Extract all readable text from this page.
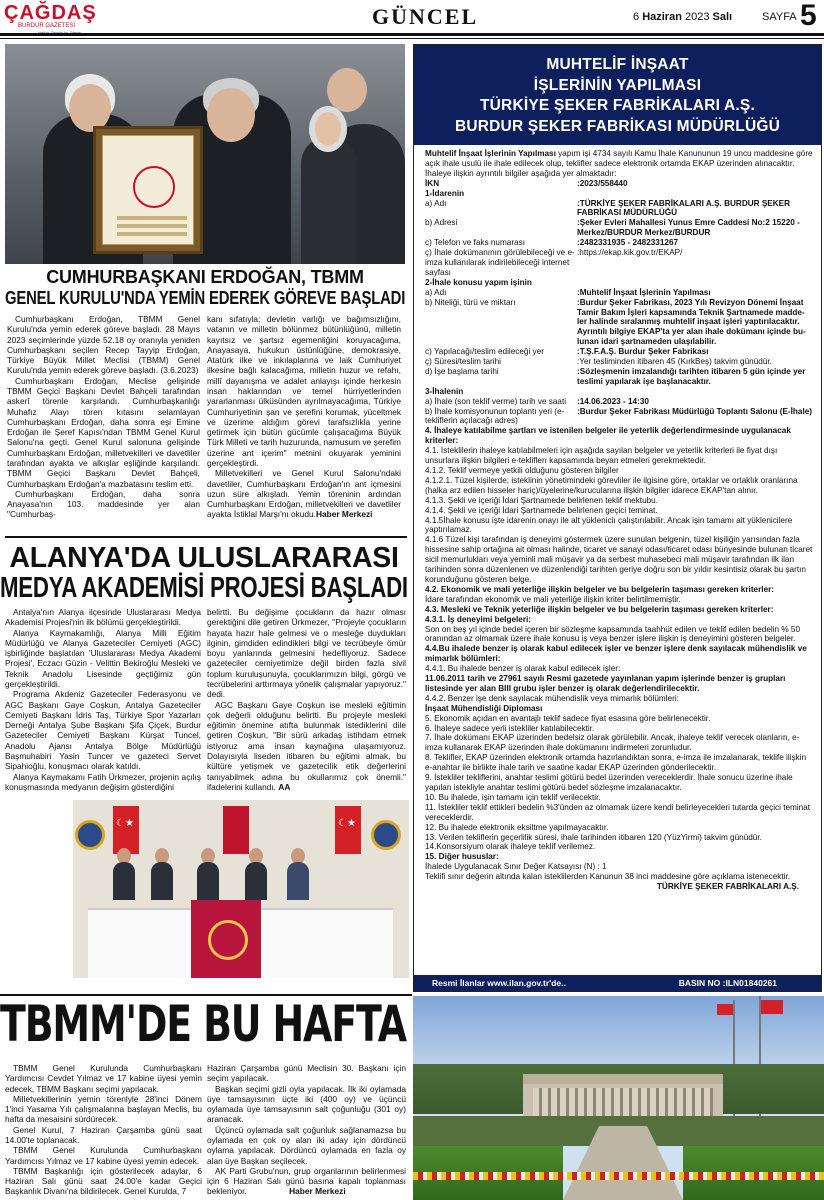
ÇAĞDAŞ
BURDUR GAZETESİ	GÜNCEL	6 Haziran 2023 Salı	SAYFA 5
CUMHURBAŞKANI ERDOĞAN, TBMM
GENEL KURULU'NDA YEMİN EDEREK GÖREVE BAŞLADI

Cumhurbaşkanı Erdoğan, TBMM Genel Kurulu'nda yemin ederek göreve başladı. 28 Mayıs 2023 seçimlerinde yüzde 52.18 oy oranıyla yeniden Cumhurbaşkanı seçilen Recep Tayyip Erdoğan, Türkiye Büyük Millet Meclisi (TBMM) Genel Kurulu'nda yemin ederek göreve başladı. (3.6.2023)

Cumhurbaşkanı Erdoğan, Meclise gelişinde TBMM Geçici Başkanı Devlet Bahçeli tarafından askerî törenle karşılandı. Cumhurbaşkanlığı Muhafız Alayı tören kıtasını selamlayan Cumhurbaşkanı Erdoğan, daha sonra eşi Emine Erdoğan ile Şeref Kapısı'ndan TBMM Genel Kurul Salonu'na geçti. Genel Kurul salonuna gelişinde Cumhurbaşkanı Erdoğan, milletvekilleri ve davetliler tarafından ayakta ve alkışlar eşliğinde karşılandı. TBMM Geçici Başkanı Devlet Bahçeli, Cumhurbaşkanı Erdoğan'a mazbatasını teslim etti.

Cumhurbaşkanı Erdoğan, daha sonra Anayasa'nın 103. maddesinde yer alan "Cumhurbaş-

kanı sıfatıyla; devletin varlığı ve bağımsızlığını, vatanın ve milletin bölünmez bütünlüğünü, milletin kayıtsız ve şartsız egemenliğini koruyacağıma, Anayasaya, hukukun üstünlüğüne, demokrasiye, Atatürk ilke ve inkılaplarına ve laik Cumhuriyet ilkesine bağlı kalacağıma, milletin huzur ve refahı, millî dayanışma ve adalet anlayışı içinde herkesin insan haklarından ve temel hürriyetlerinden yararlanması ülküsünden ayrılmayacağıma, Türkiye Cumhuriyetinin şan ve şerefini korumak, yüceltmek ve üzerime aldığım görevi tarafsızlıkla yerine getirmek için bütün gücümle çalışacağıma Büyük Türk Milleti ve tarih huzurunda, namusum ve şerefim üzerine ant içerim" metnini okuyarak yeminini gerçekleştirdi.

Milletvekilleri ve Genel Kurul Salonu'ndaki davetliler, Cumhurbaşkanı Erdoğan'ın ant içmesini uzun süre alkışladı. Yemin töreninin ardından Cumhurbaşkanı Erdoğan, milletvekilleri ve davetliler ayakta İstiklal Marşı'nı okudu.Haber Merkezi

ALANYA'DA ULUSLARARASI
MEDYA AKADEMİSİ PROJESİ BAŞLADI

Antalya'nın Alanya ilçesinde Uluslararası Medya Akademisi Projesi'nin ilk bölümü gerçekleştirildi.

Alanya Kaymakamlığı, Alanya Milli Eğitim Müdürlüğü ve Alanya Gazeteciler Cemiyeti (AGC) işbirliğinde başlatılan 'Uluslararası Medya Akademi Projesi', Eczacı Güzin - Velittin Bekiroğlu Mesleki ve Teknik Anadolu Lisesinde geçtiğimiz gün gerçekleştirildi.

Programa Akdeniz Gazeteciler Federasyonu ve AGC Başkanı Gaye Coşkun, Antalya Gazeteciler Cemiyeti Başkanı İdris Taş, Türkiye Spor Yazarları Derneği Antalya Şube Başkanı Şifa Çiçek, Burdur Gazeteciler Cemiyeti Başkanı Kürşat Tuncel, Anadolu Ajansı Antalya Bölge Müdürlüğü Başmuhabiri Yasin Tuncer ve gazeteci Servet Sipahioğlu, konuşmacı olarak katıldı.

Alanya Kaymakamı Fatih Ürkmezer, projenin açılış konuşmasında medyanın değişim gösterdiğini

belirtti. Bu değişime çocukların da hazır olması gerektiğini dile getiren Ürkmezer, "Projeyle çocukların hayata hazır hale gelmesi ve o mesleğe duydukları ilginin, gimdiden edindikleri bilgi ve tecrübeyle ömür boyu yanlarında gelmesini hedefliyoruz. Sadece gazeteciler cemiyetimize değil birden fazla sivil toplum kuruluşunuyla, çocuklarımızın bilgi, görgü ve tecrübelerini arttırmaya yönelik çalışmalar yapıyoruz." dedi.

AGC Başkanı Gaye Coşkun ise mesleki eğitimin çok değerli olduğunu belirtti. Bu projeyle mesleki eğitimin önemine atıfta bulunmak istediklerini dile getiren Coşkun, "Bir sürü arkadaş istihdam etmek istiyoruz ama insan kaynağına ulaşamıyoruz. Dolayısıyla liseden itibaren bu eğitimi almak, bu kültüre yetişmek ve gazetecilik etik değerlerini tanıyabilmek adına bu okullarımız çok önemli." ifadelerini kullandı. AA

☾★
☾★
MUHTELİF İNŞAAT
İŞLERİNİN YAPILMASI
TÜRKİYE ŞEKER FABRİKALARI A.Ş.
BURDUR ŞEKER FABRİKASI MÜDÜRLÜĞÜ
Muhtelif İnşaat İşlerinin Yapılması yapım işi 4734 sayılı Kamu İhale Kanununun 19 uncu maddesine göre açık ihale usulü ile ihale edilecek olup, teklifler sadece elektronik ortamda EKAP üzerinden alınacaktır. İhaleye ilişkin ayrıntılı bilgiler aşağıda yer almaktadır:
İKN	:2023/558440
1-İdarenin
a) Adı	:TÜRKİYE ŞEKER FABRİKALARI A.Ş. BURDUR ŞEKER FABRİKASI MÜDÜRLÜĞÜ
b) Adresi	:Şeker Evleri Mahallesi Yunus Emre Caddesi No:2 15220 - Merkez/BURDUR Merkez/BURDUR
c) Telefon ve faks numarası	:2482331935 - 2482331267
ç) İhale dokümanının görülebileceği ve e-imza kullanılarak indirilebileceği internet sayfası
:https://ekap.kik.gov.tr/EKAP/
2-İhale konusu yapım işinin
a) Adı	:Muhtelif İnşaat İşlerinin Yapılması
b) Niteliği, türü ve miktarı	:Burdur Şeker Fabrikası, 2023 Yılı Revizyon Dönemi İnşaat Tamir Bakım İşleri kapsamında Teknik Şartnamede madde-ler halinde sıralanmış muhtelif inşaat işleri yaptırılacaktır. Ayrıntılı bilgiye EKAP'ta yer alan ihale dokümanı içinde bu-lunan idari şartnameden ulaşılabilir.
c) Yapılacağı/teslim edileceği yer	:T.Ş.F.A.Ş. Burdur Şeker Fabrikası
ç) Süresi/teslim tarihi	:Yer tesliminden itibaren 45 (KırkBeş) takvim günüdür.
d) İşe başlama tarihi	:Sözleşmenin imzalandığı tarihten itibaren 5 gün içinde yer teslimi yapılarak işe başlanacaktır.
3-İhalenin
a) İhale (son teklif verme) tarih ve saati	:14.06.2023 - 14:30
b) İhale komisyonunun toplantı yeri (e-tekliflerin açılacağı adres)
:Burdur Şeker Fabrikası Müdürlüğü Toplantı Salonu (E-İhale)
4. İhaleye katılabilme şartları ve istenilen belgeler ile yeterlik değerlendirmesinde uygulanacak kriterler:
4.1. İsteklilerin ihaleye katılabilmeleri için aşağıda sayılan belgeler ve yeterlik kriterleri ile fiyat dışı unsurlara ilişkin bilgileri e-tekliflerı kapsamında beyan etmeleri gerekmektedir.
4.1.2. Teklif vermeye yetkili olduğunu gösteren bilgiler
4.1.2.1. Tüzel kişilerde; isteklinin yönetimindeki görevliler ile ilgisine göre, ortaklar ve ortaklık oranlarına (halka arz edilen hisseler hariç)/üyelerine/kurucularına ilişkin bilgiler idarece EKAP'tan alınır.
4.1.3. Şekli ve içeriği İdari Şartnamede belirlenen teklif mektubu.
4.1.4. Şekli ve içeriği İdari Şartnamede belirlenen geçici teminat.
4.1.5İhale konusu işte idarenin onayı ile alt yükleniciı çalıştırılabilir. Ancak işin tamamı alt yüklenicilere yaptırılamaz.
4.1.6 Tüzel kişi tarafından iş deneyimi göstermek üzere sunulan belgenin, tüzel kişiliğin yarısından fazla hissesine sahip ortağına ait olması halinde, ticaret ve sanayi odası/ticaret odası bünyesinde bulunan ticaret sicil memurlukları veya yeminli mali müşavir ya da serbest muhasebeci mali müşavir tarafından ilk ilan tarihinden sonra düzenlenen ve düzenlendiği tarihten geriye doğru son bir yıldır kesintisiz olarak bu şartın korunduğunu gösteren belge.
4.2. Ekonomik ve mali yeterliğe ilişkin belgeler ve bu belgelerin taşıması gereken kriterler:
İdare tarafından ekonomik ve mali yeterliğe ilişkin kriter belirtilmemiştir.
4.3. Mesleki ve Teknik yeterliğe ilişkin belgeler ve bu belgelerin taşıması gereken kriterler:
4.3.1. İş deneyimi belgeleri:
Son on beş yıl içinde bedel içeren bir sözleşme kapsamında taahhüt edilen ve teklif edilen bedelin % 50 oranından az olmamak üzere ihale konusu iş veya benzer işlere ilişkin iş deneyimini gösteren belgeler.
4.4.Bu ihalede benzer iş olarak kabul edilecek işler ve benzer işlere denk sayılacak mühendislik ve mimarlık bölümleri:
4.4.1. Bu ihalede benzer iş olarak kabul edilecek işler:
11.06.2011 tarih ve 27961 sayılı Resmi gazetede yayınlanan yapım işlerinde benzer iş grupları listesinde yer alan BIII grubu işler benzer iş olarak değerlendirilecektir.
4.4.2. Benzer işe denk sayılacak mühendislik veya mimarlık bölümleri:
İnşaat Mühendisliği Diploması
5. Ekonomik açıdan en avantajlı teklif sadece fiyat esasına göre belirlenecektir.
6. İhaleye sadece yerli istekliler katılabilecektir.
7. İhale dokümanı EKAP üzerinden bedelsiz olarak görülebilir. Ancak, ihaleye teklif verecek olanların, e-imza kullanarak EKAP üzerinden ihale dokümanını indirmeleri zorunludur.
8. Teklifler, EKAP üzerinden elektronik ortamda hazırlandıktan sonra, e-imza ile imzalanarak, teklife ilişkin e-anahtar ile birlikte ihale tarih ve saatine kadar EKAP üzerinden gönderilecektir.
9. İstekliler tekliflerini, anahtar teslimi götürü bedel üzerinden vereceklerdir. İhale sonucu üzerine ihale yapılan istekliyle anahtar teslimi götürü bedel sözleşme imzalanacaktır.
10. Bu ihalede, işin tamamı için teklif verilecektir.
11. İstekliler teklif ettikleri bedelin %3'ünden az olmamak üzere kendi belirleyecekleri tutarda geçici teminat vereceklerdir.
12. Bu ihalede elektronik eksiltme yapılmayacaktır.
13. Verilen tekliflerin geçerlilik süresi, ihale tarihinden itibaren 120 (YüzYirmi) takvim günüdür.
14.Konsorsiyum olarak ihaleye teklif verilemez.
15. Diğer hususlar:
İhalede Uygulanacak Sınır Değer Katsayısı (N) : 1
Teklifi sınır değerin altında kalan isteklilerden Kanunun 38 inci maddesine göre açıklama istenecektir.
TÜRKİYE ŞEKER FABRİKALARI A.Ş.
Resmi İlanlar www.ilan.gov.tr'de..	BASIN NO :ILN01840261
TBMM'DE BU HAFTA

TBMM Genel Kurulunda Cumhurbaşkanı Yardımcısı Cevdet Yılmaz ve 17 kabine üyesi yemin edecek, TBMM Başkanı seçimi yapılacak.

Milletvekillerinin yemin törenlyle 28'inci Dönem 1'inci Yasama Yılı çalışmalarına başlayan Meclis, bu hafta da mesaisini sürdürecek.

Genel Kurul, 7 Haziran Çarşamba günü saat 14.00'te toplanacak.

TBMM Genel Kurulunda Cumhurbaşkanı Yardımcısı Yılmaz ve 17 kabine üyesi yemin edecek.

TBMM Başkanlığı için gösterilecek adaylar, 6 Haziran Salı günü saat 24.00'e kadar Geçici Başkanlık Divanı'na bildirilecek. Genel Kurulda, 7

Haziran Çarşamba günü Meclisin 30. Başkanı için seçim yapılacak.

Başkan seçimi gizli oyla yapılacak. İlk iki oylamada üye tamsayısının üçte iki (400 oy) ve üçüncü oylamada üye tamsayısının salt çoğunluğu (301 oy) aranacak.

Üçüncü oylamada salt çoğunluk sağlanamazsa bu oylamada en çok oy alan iki aday için dördüncü oylama yapılacak. Dördüncü oylamada en fazla oy alan üye Başkan seçilecek.

AK Parti Grubu'nun, grup organlarının belirlenmesi için 6 Haziran Salı günü basına kapalı toplanması bekleniyor.	Haber Merkezi
